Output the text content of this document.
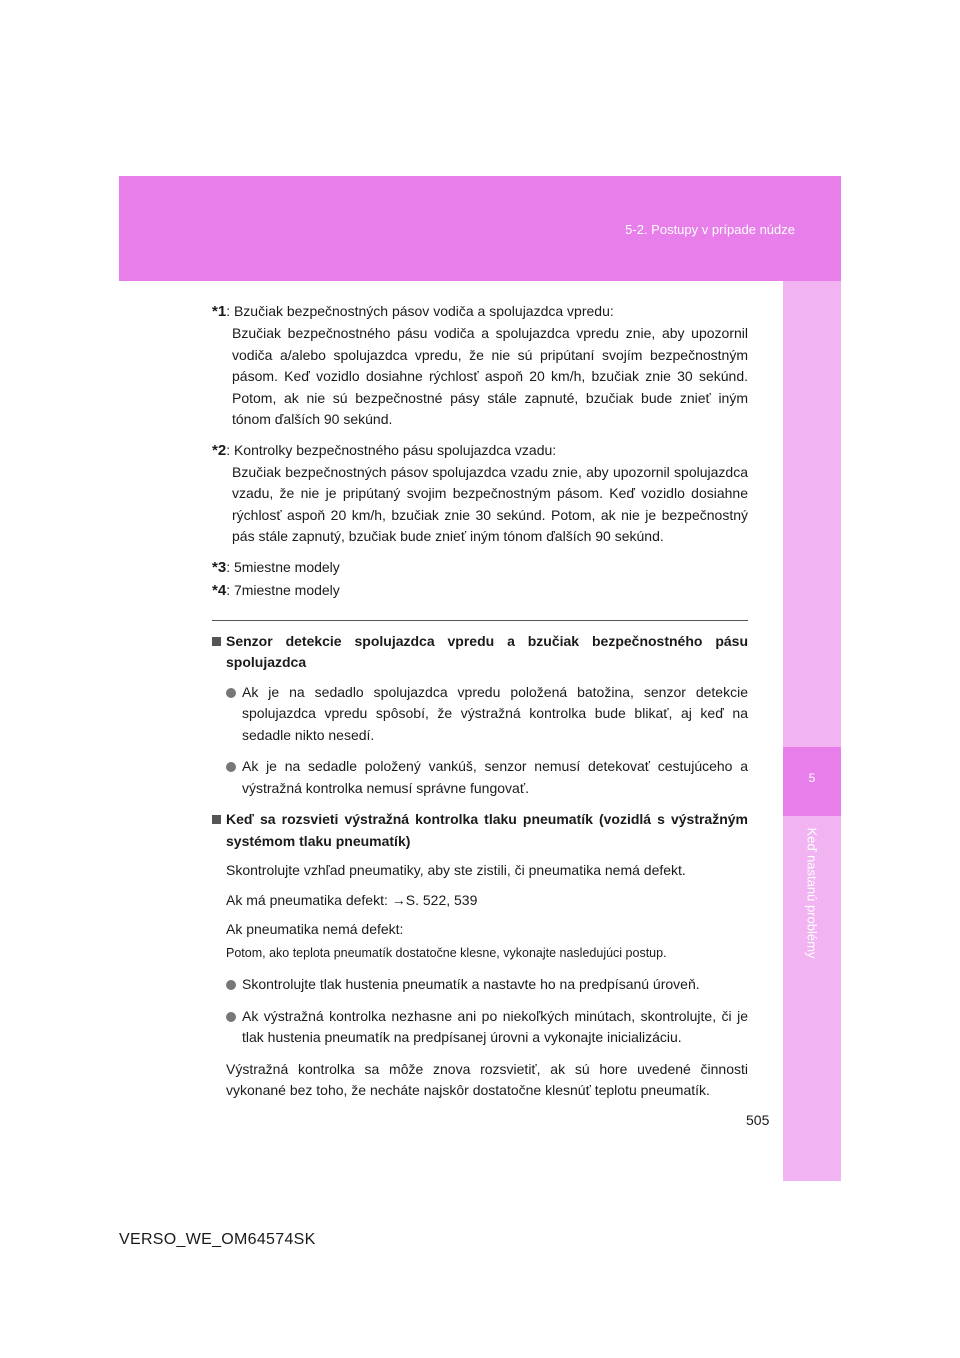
5-2. Postupy v prípade núdze
5
Keď nastanú problémy
*1: Bzučiak bezpečnostných pásov vodiča a spolujazdca vpredu:
Bzučiak bezpečnostného pásu vodiča a spolujazdca vpredu znie, aby upozornil vodiča a/alebo spolujazdca vpredu, že nie sú pripútaní svojím bezpečnostným pásom. Keď vozidlo dosiahne rýchlosť aspoň 20 km/h, bzučiak znie 30 sekúnd. Potom, ak nie sú bezpečnostné pásy stále zapnuté, bzučiak bude znieť iným tónom ďalších 90 sekúnd.
*2: Kontrolky bezpečnostného pásu spolujazdca vzadu:
Bzučiak bezpečnostných pásov spolujazdca vzadu znie, aby upozornil spolujazdca vzadu, že nie je pripútaný svojim bezpečnostným pásom. Keď vozidlo dosiahne rýchlosť aspoň 20 km/h, bzučiak znie 30 sekúnd. Potom, ak nie je bezpečnostný pás stále zapnutý, bzučiak bude znieť iným tónom ďalších 90 sekúnd.
*3: 5miestne modely
*4: 7miestne modely
Senzor detekcie spolujazdca vpredu a bzučiak bezpečnostného pásu spolujazdca
Ak je na sedadlo spolujazdca vpredu položená batožina, senzor detekcie spolujazdca vpredu spôsobí, že výstražná kontrolka bude blikať, aj keď na sedadle nikto nesedí.
Ak je na sedadle položený vankúš, senzor nemusí detekovať cestujúceho a výstražná kontrolka nemusí správne fungovať.
Keď sa rozsvieti výstražná kontrolka tlaku pneumatík (vozidlá s výstražným systémom tlaku pneumatík)
Skontrolujte vzhľad pneumatiky, aby ste zistili, či pneumatika nemá defekt.
Ak má pneumatika defekt: →S. 522, 539
Ak pneumatika nemá defekt:
Potom, ako teplota pneumatík dostatočne klesne, vykonajte nasledujúci postup.
Skontrolujte tlak hustenia pneumatík a nastavte ho na predpísanú úroveň.
Ak výstražná kontrolka nezhasne ani po niekoľkých minútach, skontrolujte, či je tlak hustenia pneumatík na predpísanej úrovni a vykonajte inicializáciu.
Výstražná kontrolka sa môže znova rozsvietiť, ak sú hore uvedené činnosti vykonané bez toho, že necháte najskôr dostatočne klesnúť teplotu pneumatík.
505
VERSO_WE_OM64574SK
